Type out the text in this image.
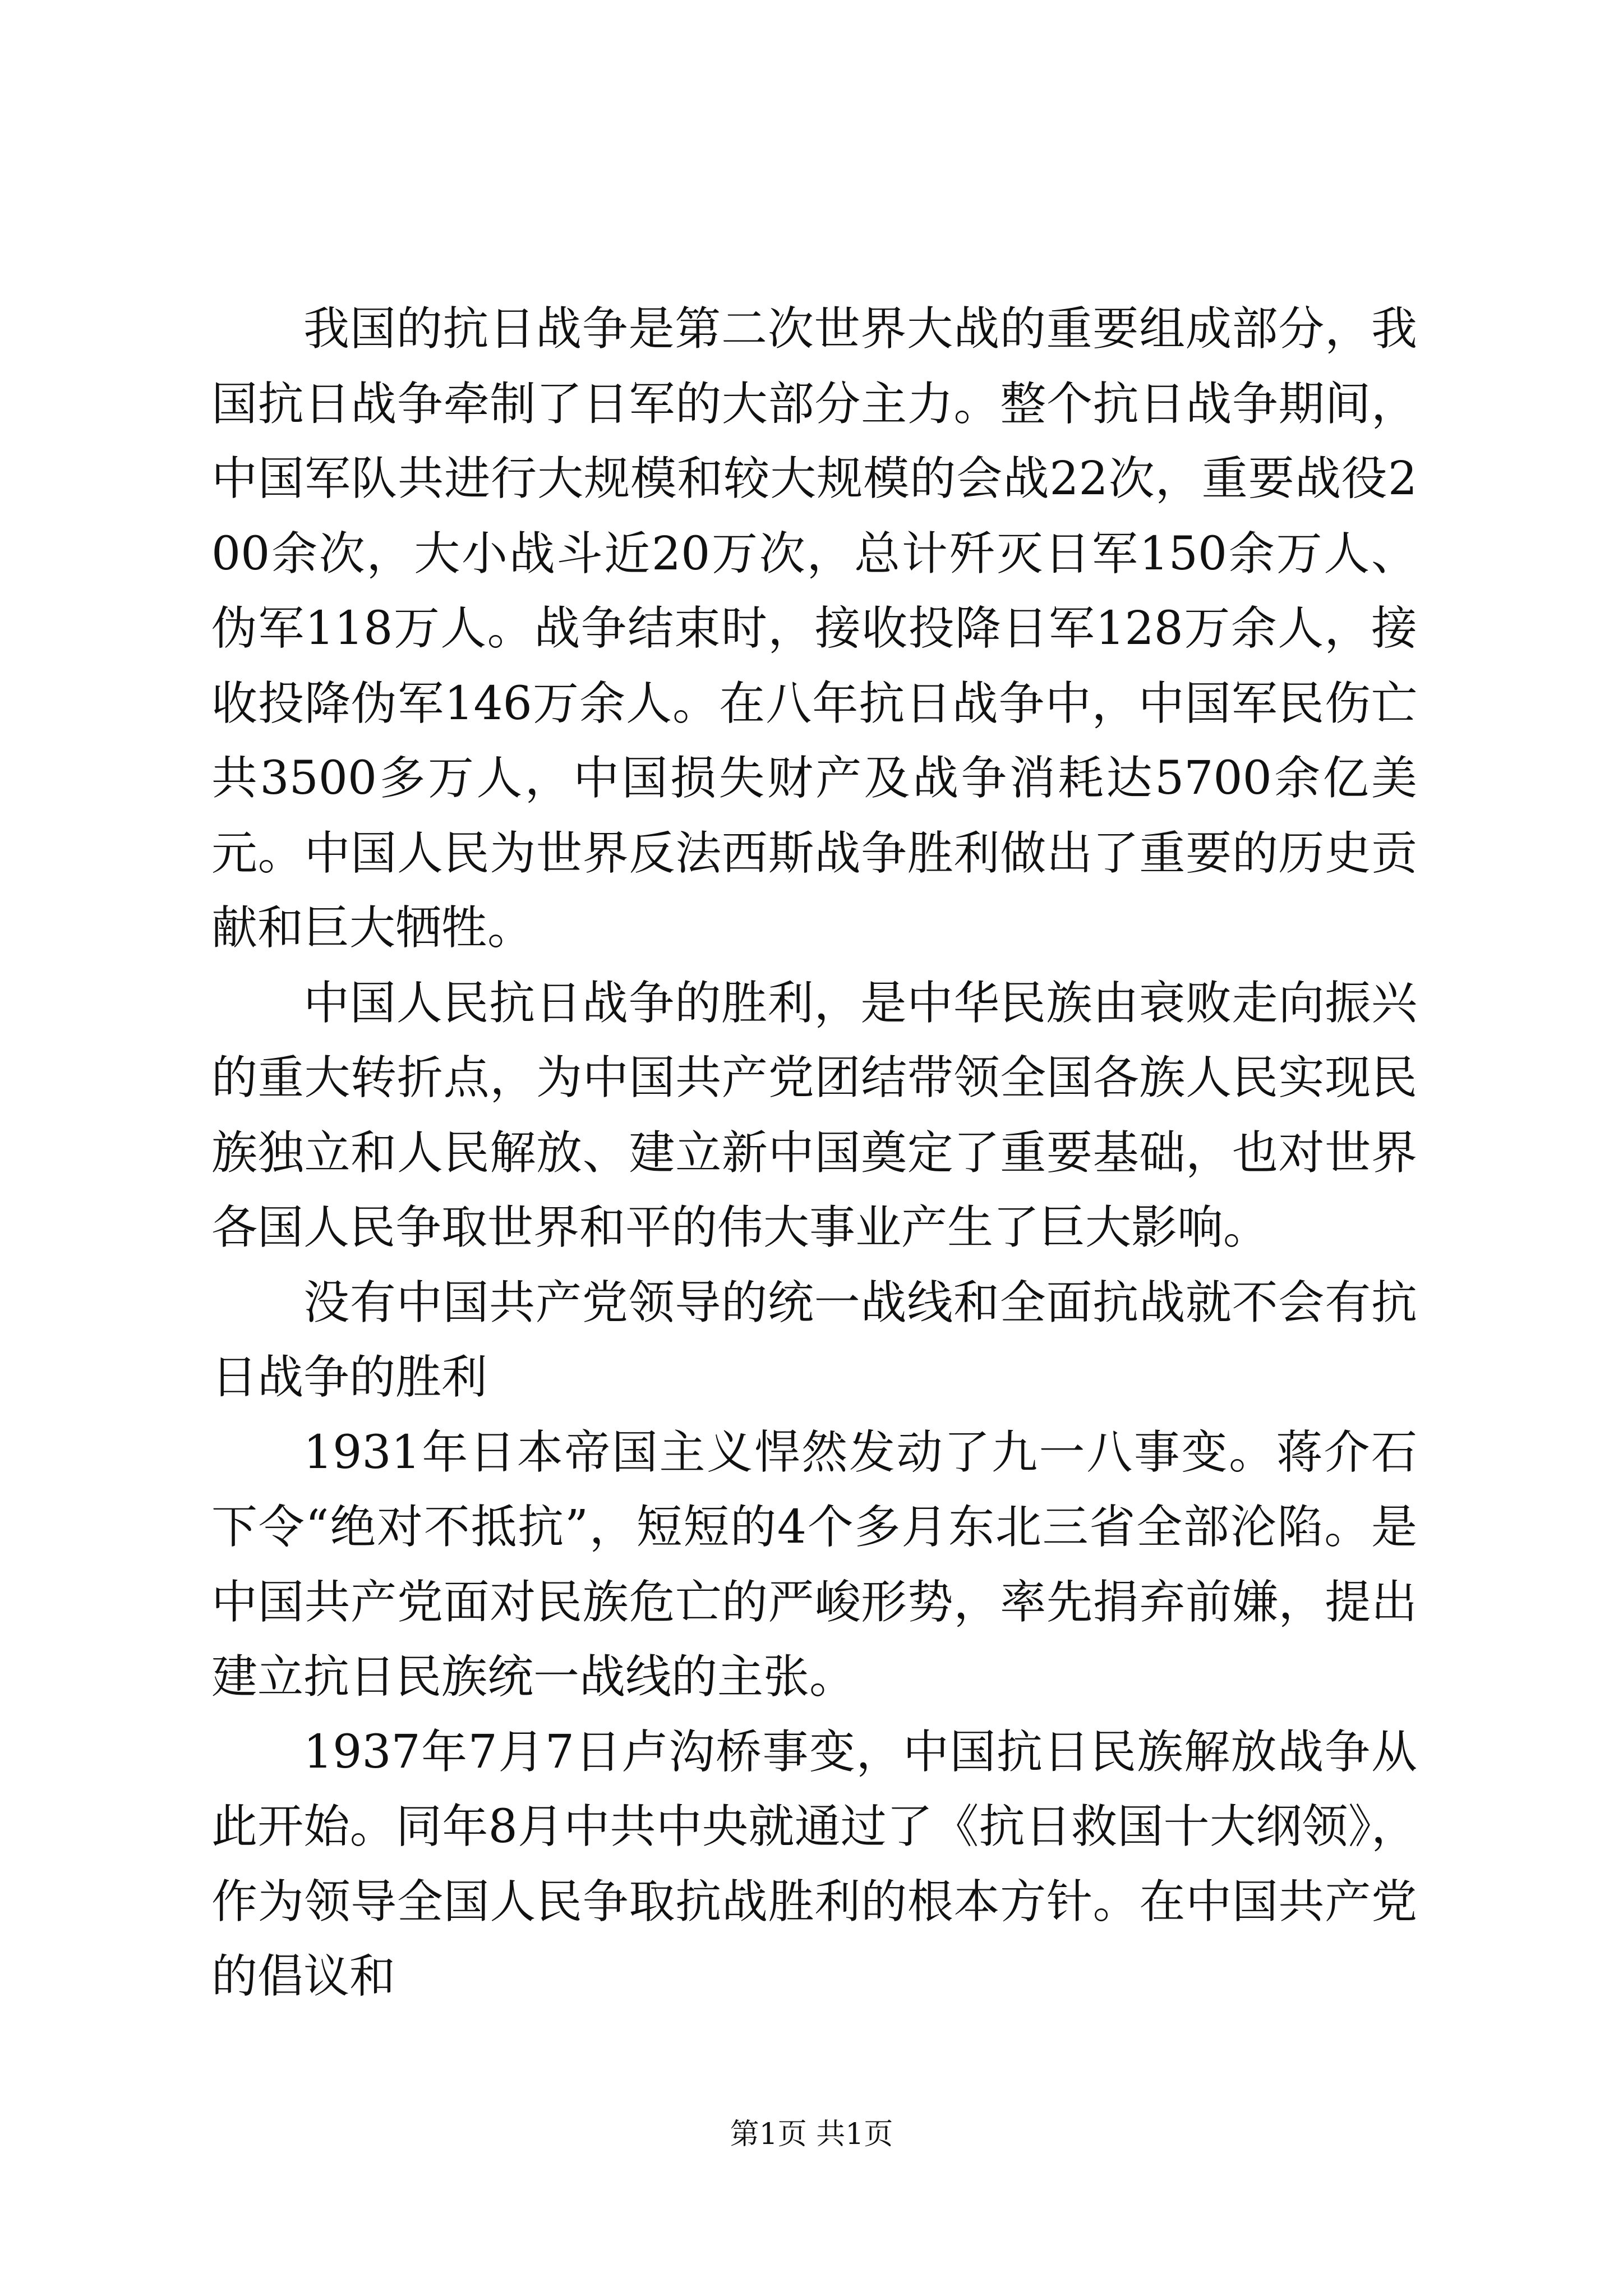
我国的抗日战争是第二次世界大战的重要组成部分，我国抗日战争牵制了日军的大部分主力。整个抗日战争期间，中国军队共进行大规模和较大规模的会战22次，重要战役200余次，大小战斗近20万次，总计歼灭日军150余万人、伪军118万人。战争结束时，接收投降日军128万余人，接收投降伪军146万余人。在八年抗日战争中，中国军民伤亡共3500多万人，中国损失财产及战争消耗达5700余亿美元。中国人民为世界反法西斯战争胜利做出了重要的历史贡献和巨大牺牲。

中国人民抗日战争的胜利，是中华民族由衰败走向振兴的重大转折点，为中国共产党团结带领全国各族人民实现民族独立和人民解放、建立新中国奠定了重要基础，也对世界各国人民争取世界和平的伟大事业产生了巨大影响。

没有中国共产党领导的统一战线和全面抗战就不会有抗日战争的胜利

1931年日本帝国主义悍然发动了九一八事变。蒋介石下令“绝对不抵抗”，短短的4个多月东北三省全部沦陷。是中国共产党面对民族危亡的严峻形势，率先捐弃前嫌，提出建立抗日民族统一战线的主张。

1937年7月7日卢沟桥事变，中国抗日民族解放战争从此开始。同年8月中共中央就通过了《抗日救国十大纲领》，作为领导全国人民争取抗战胜利的根本方针。在中国共产党的倡议和

第1页 共1页
